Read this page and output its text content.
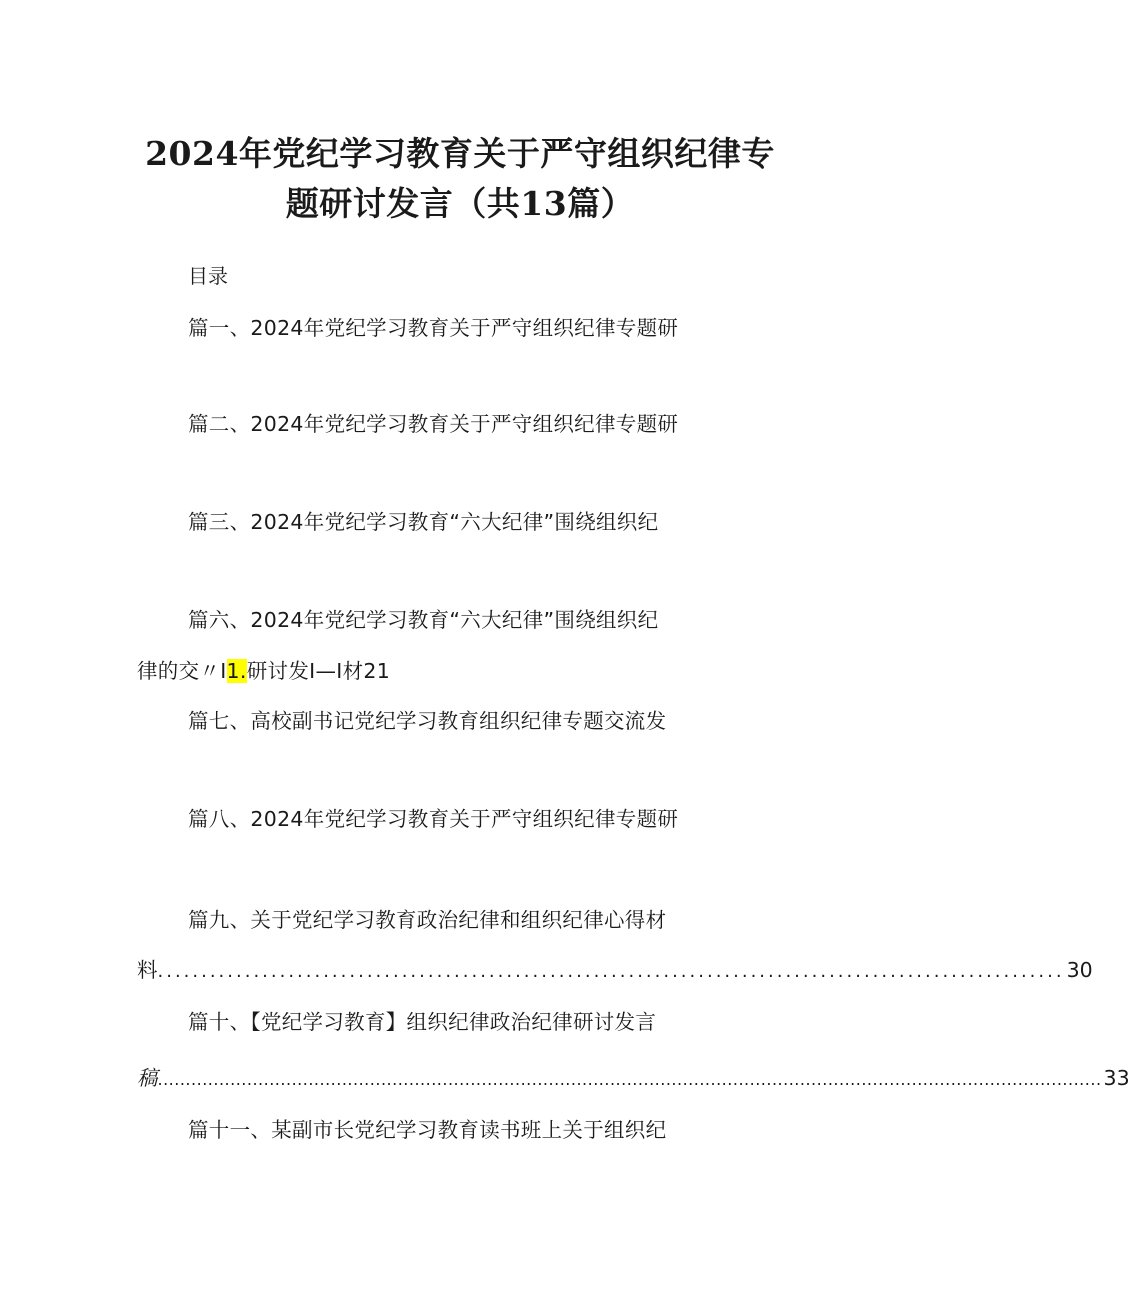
2024年党纪学习教育关于严守组织纪律专
题研讨发言（共13篇）
目录
篇一、2024年党纪学习教育关于严守组织纪律专题研
篇二、2024年党纪学习教育关于严守组织纪律专题研
篇三、2024年党纪学习教育“六大纪律”围绕组织纪
篇六、2024年党纪学习教育“六大纪律”围绕组织纪
律的交〃I1.研讨发I—I材21
篇七、高校副书记党纪学习教育组织纪律专题交流发
篇八、2024年党纪学习教育关于严守组织纪律专题研
篇九、关于党纪学习教育政治纪律和组织纪律心得材
料 ........................................................................................................ 30
篇十、【党纪学习教育】组织纪律政治纪律研讨发言
稿 ......................................................................................................................................................................... 33
篇十一、某副市长党纪学习教育读书班上关于组织纪
